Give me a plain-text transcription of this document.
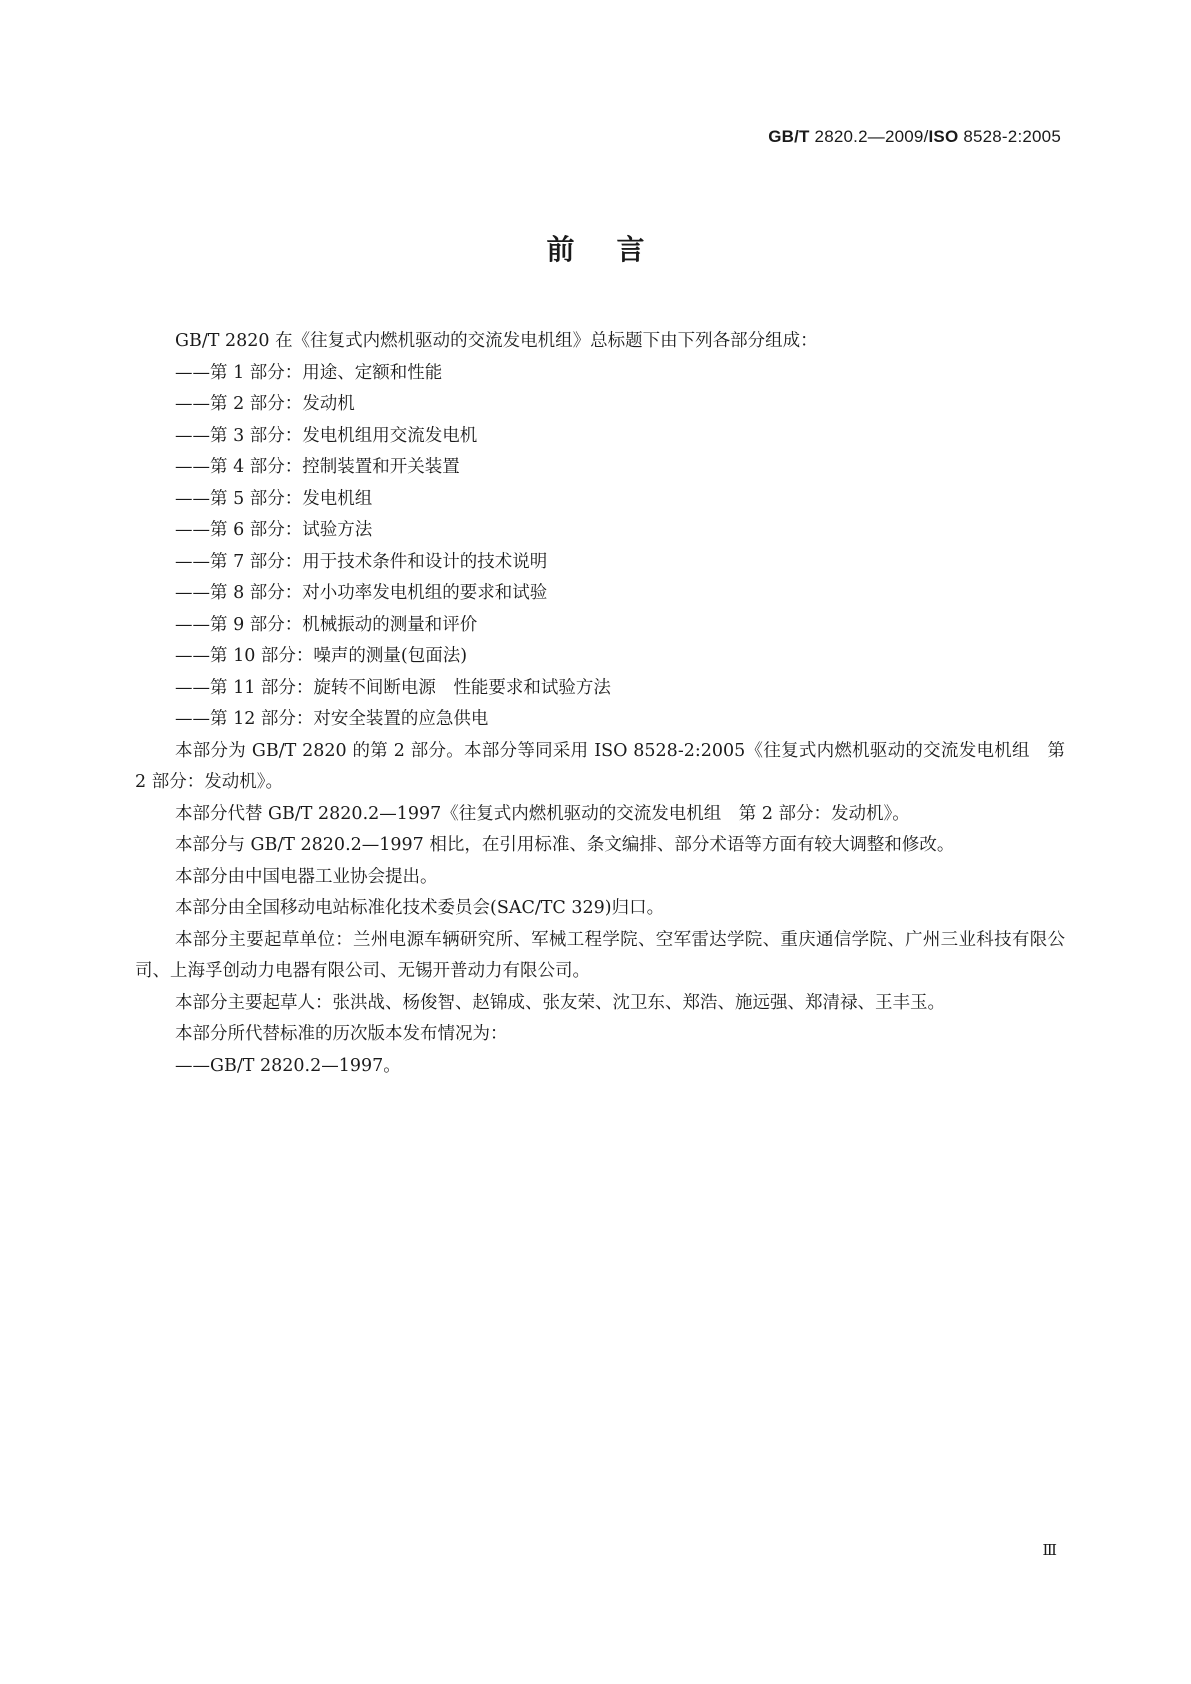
GB/T 2820.2—2009/ISO 8528-2:2005
前言

GB/T 2820 在《往复式内燃机驱动的交流发电机组》总标题下由下列各部分组成：

——第 1 部分：用途、定额和性能

——第 2 部分：发动机

——第 3 部分：发电机组用交流发电机

——第 4 部分：控制装置和开关装置

——第 5 部分：发电机组

——第 6 部分：试验方法

——第 7 部分：用于技术条件和设计的技术说明

——第 8 部分：对小功率发电机组的要求和试验

——第 9 部分：机械振动的测量和评价

——第 10 部分：噪声的测量(包面法)

——第 11 部分：旋转不间断电源　性能要求和试验方法

——第 12 部分：对安全装置的应急供电

本部分为 GB/T 2820 的第 2 部分。本部分等同采用 ISO 8528-2:2005《往复式内燃机驱动的交流发电机组　第 2 部分：发动机》。

本部分代替 GB/T 2820.2—1997《往复式内燃机驱动的交流发电机组　第 2 部分：发动机》。

本部分与 GB/T 2820.2—1997 相比，在引用标准、条文编排、部分术语等方面有较大调整和修改。

本部分由中国电器工业协会提出。

本部分由全国移动电站标准化技术委员会(SAC/TC 329)归口。

本部分主要起草单位：兰州电源车辆研究所、军械工程学院、空军雷达学院、重庆通信学院、广州三业科技有限公司、上海孚创动力电器有限公司、无锡开普动力有限公司。

本部分主要起草人：张洪战、杨俊智、赵锦成、张友荣、沈卫东、郑浩、施远强、郑清禄、王丰玉。

本部分所代替标准的历次版本发布情况为：

——GB/T 2820.2—1997。

Ⅲ
